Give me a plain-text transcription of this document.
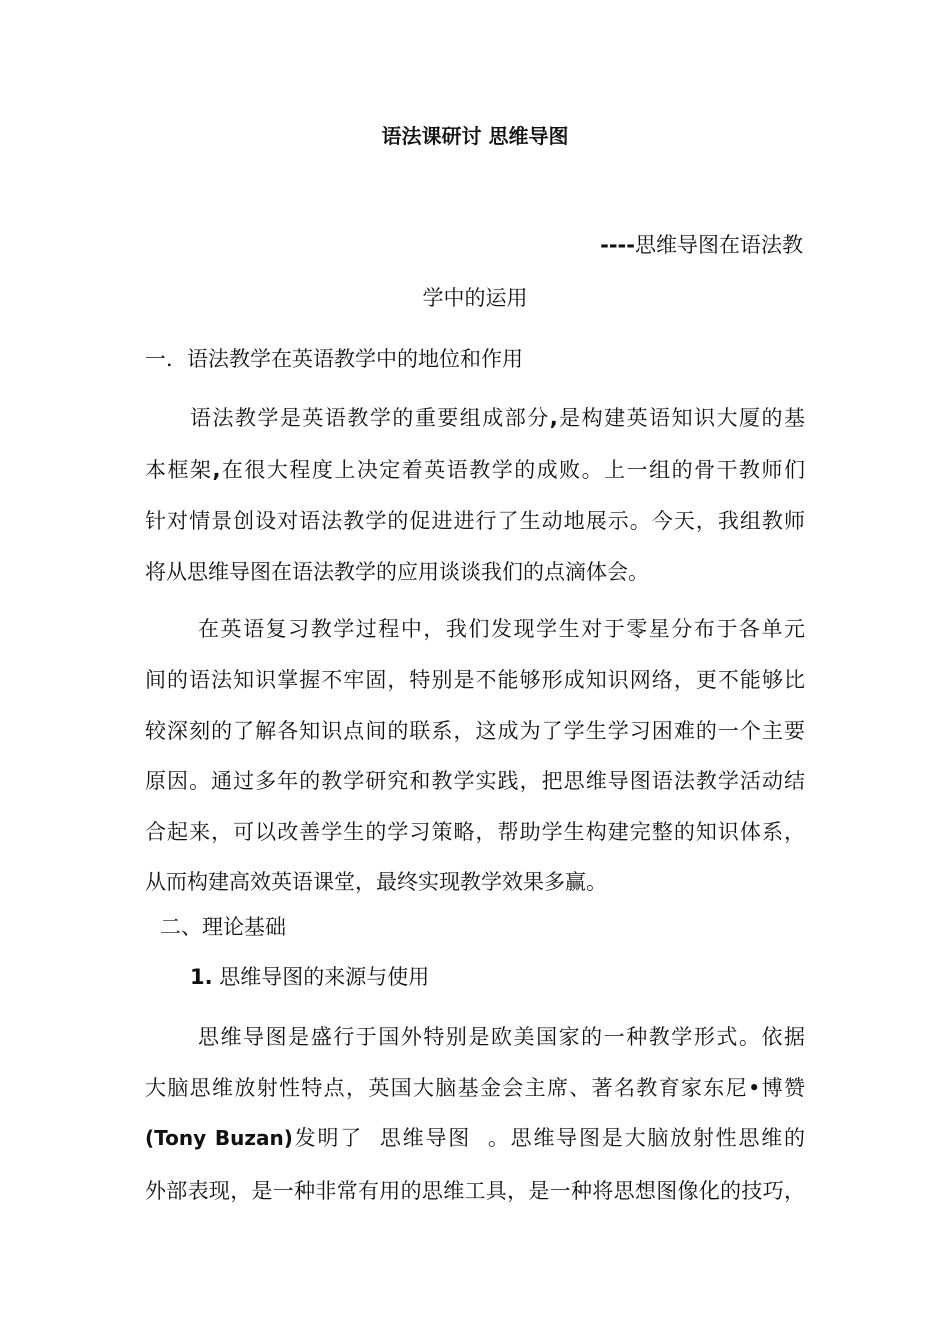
语法课研讨 思维导图
----思维导图在语法教
学中的运用
一．语法教学在英语教学中的地位和作用
语法教学是英语教学的重要组成部分,是构建英语知识大厦的基
本框架,在很大程度上决定着英语教学的成败。上一组的骨干教师们
针对情景创设对语法教学的促进进行了生动地展示。今天，我组教师
将从思维导图在语法教学的应用谈谈我们的点滴体会。
在英语复习教学过程中，我们发现学生对于零星分布于各单元
间的语法知识掌握不牢固，特别是不能够形成知识网络，更不能够比
较深刻的了解各知识点间的联系，这成为了学生学习困难的一个主要
原因。通过多年的教学研究和教学实践，把思维导图语法教学活动结
合起来，可以改善学生的学习策略，帮助学生构建完整的知识体系，
从而构建高效英语课堂，最终实现教学效果多赢。
二、理论基础
1. 思维导图的来源与使用
思维导图是盛行于国外特别是欧美国家的一种教学形式。依据
大脑思维放射性特点，英国大脑基金会主席、著名教育家东尼•博赞
(Tony Buzan)发明了  思维导图  。思维导图是大脑放射性思维的
外部表现，是一种非常有用的思维工具，是一种将思想图像化的技巧，
